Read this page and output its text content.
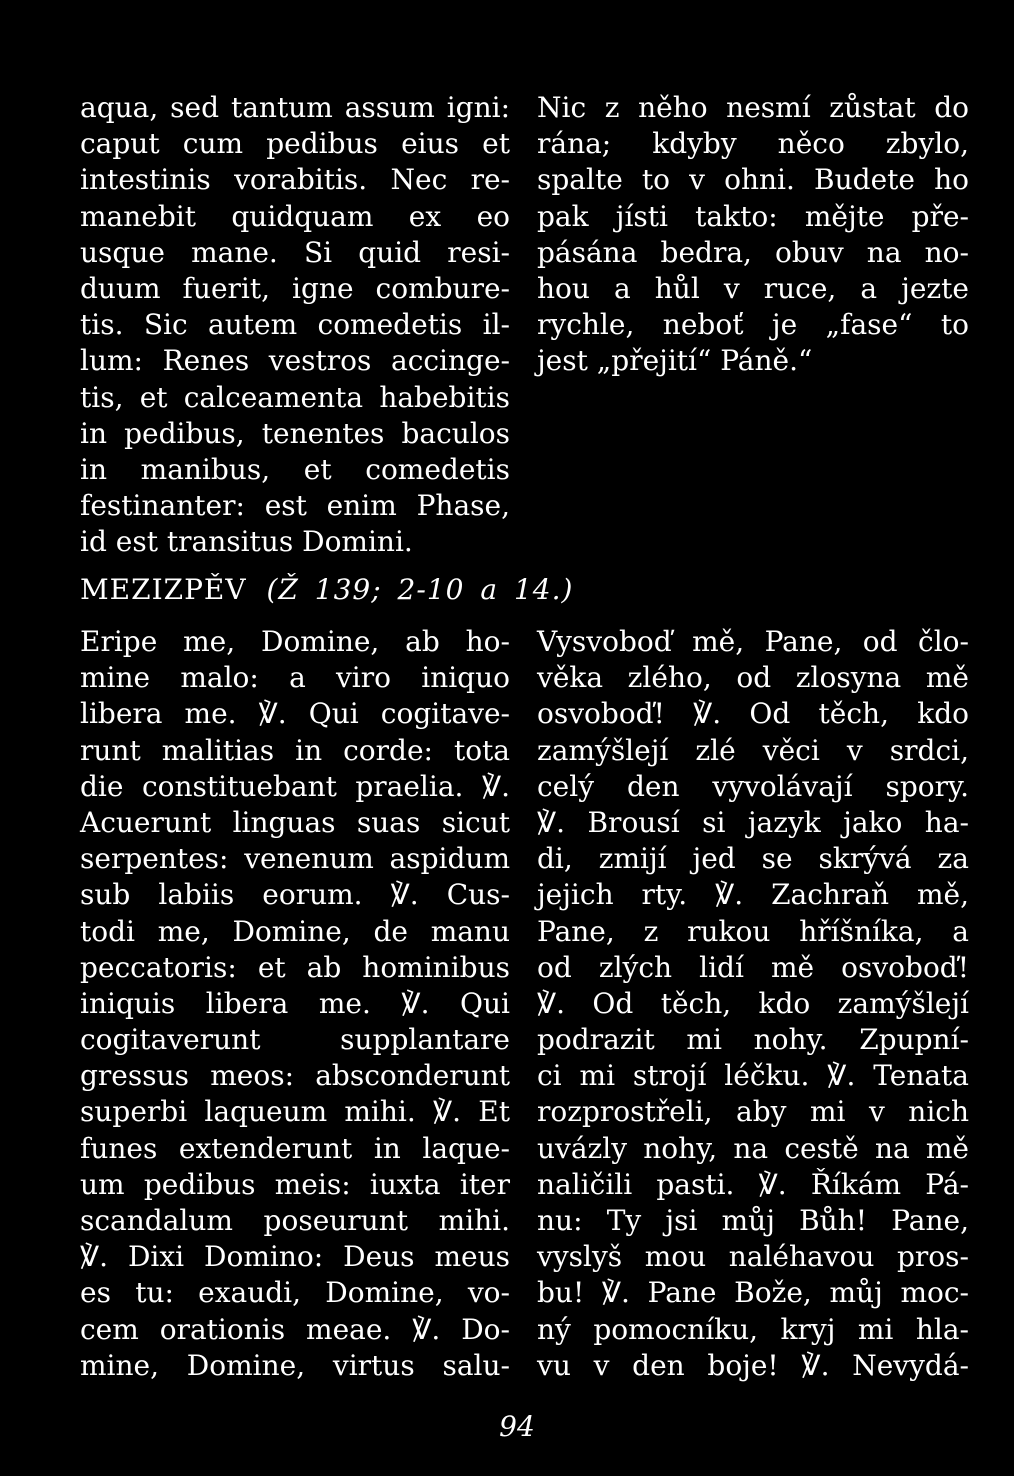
aqua, sed tantum assum igni:
caput cum pedibus eius et
intestinis vorabitis. Nec re-
manebit quidquam ex eo
usque mane. Si quid resi-
duum fuerit, igne combure-
tis. Sic autem comedetis il-
lum: Renes vestros accinge-
tis, et calceamenta habebitis
in pedibus, tenentes baculos
in manibus, et comedetis
festinanter: est enim Phase,
id est transitus Domini.
Nic z něho nesmí zůstat do
rána; kdyby něco zbylo,
spalte to v ohni. Budete ho
pak jísti takto: mějte pře-
pásána bedra, obuv na no-
hou a hůl v ruce, a jezte
rychle, neboť je „fase“ to
jest „přejití“ Páně.“
MEZIZPĚV (Ž 139; 2-10 a 14.)
Eripe me, Domine, ab ho-
mine malo: a viro iniquo
libera me. ℣. Qui cogitave-
runt malitias in corde: tota
die constituebant praelia. ℣.
Acuerunt linguas suas sicut
serpentes: venenum aspidum
sub labiis eorum. ℣. Cus-
todi me, Domine, de manu
peccatoris: et ab hominibus
iniquis libera me. ℣. Qui
cogitaverunt supplantare
gressus meos: absconderunt
superbi laqueum mihi. ℣. Et
funes extenderunt in laque-
um pedibus meis: iuxta iter
scandalum poseurunt mihi.
℣. Dixi Domino: Deus meus
es tu: exaudi, Domine, vo-
cem orationis meae. ℣. Do-
mine, Domine, virtus salu-
Vysvoboď mě, Pane, od člo-
věka zlého, od zlosyna mě
osvoboď! ℣. Od těch, kdo
zamýšlejí zlé věci v srdci,
celý den vyvolávají spory.
℣. Brousí si jazyk jako ha-
di, zmijí jed se skrývá za
jejich rty. ℣. Zachraň mě,
Pane, z rukou hříšníka, a
od zlých lidí mě osvoboď!
℣. Od těch, kdo zamýšlejí
podrazit mi nohy. Zpupní-
ci mi strojí léčku. ℣. Tenata
rozprostřeli, aby mi v nich
uvázly nohy, na cestě na mě
naličili pasti. ℣. Říkám Pá-
nu: Ty jsi můj Bůh! Pane,
vyslyš mou naléhavou pros-
bu! ℣. Pane Bože, můj moc-
ný pomocníku, kryj mi hla-
vu v den boje! ℣. Nevydá-
94
